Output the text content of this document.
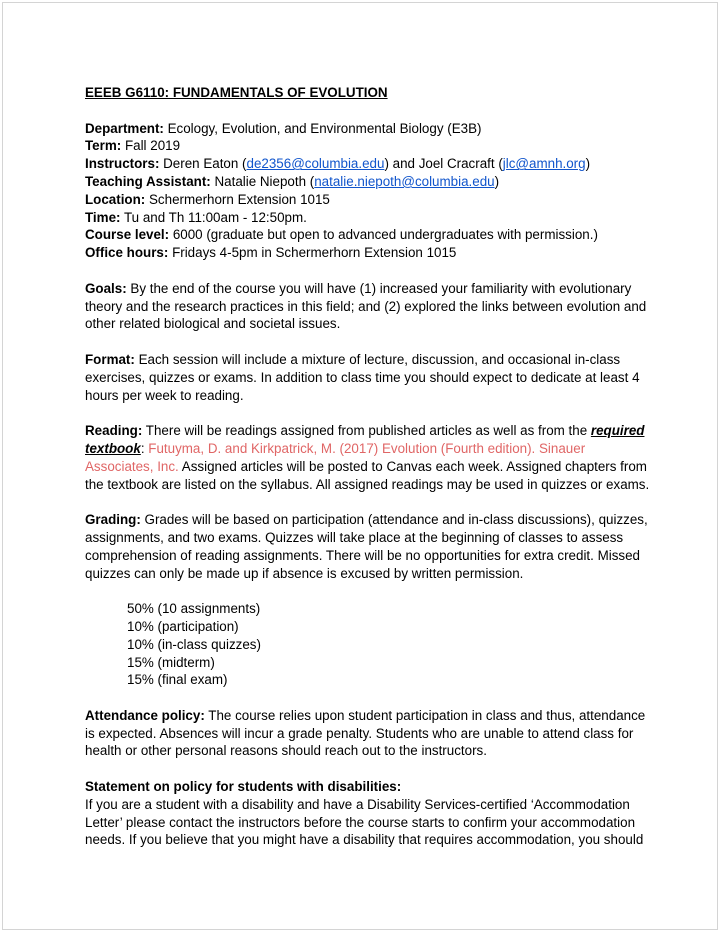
EEEB G6110: FUNDAMENTALS OF EVOLUTION
Department: Ecology, Evolution, and Environmental Biology (E3B)
Term: Fall 2019
Instructors: Deren Eaton (de2356@columbia.edu) and Joel Cracraft (jlc@amnh.org)
Teaching Assistant: Natalie Niepoth (natalie.niepoth@columbia.edu)
Location: Schermerhorn Extension 1015
Time: Tu and Th 11:00am - 12:50pm.
Course level: 6000 (graduate but open to advanced undergraduates with permission.)
Office hours: Fridays 4-5pm in Schermerhorn Extension 1015
Goals: By the end of the course you will have (1) increased your familiarity with evolutionary
theory and the research practices in this field; and (2) explored the links between evolution and
other related biological and societal issues.
Format: Each session will include a mixture of lecture, discussion, and occasional in-class
exercises, quizzes or exams. In addition to class time you should expect to dedicate at least 4
hours per week to reading.
Reading: There will be readings assigned from published articles as well as from the required
textbook: Futuyma, D. and Kirkpatrick, M. (2017) Evolution (Fourth edition). Sinauer
Associates, Inc. Assigned articles will be posted to Canvas each week. Assigned chapters from
the textbook are listed on the syllabus. All assigned readings may be used in quizzes or exams.
Grading: Grades will be based on participation (attendance and in-class discussions), quizzes,
assignments, and two exams. Quizzes will take place at the beginning of classes to assess
comprehension of reading assignments. There will be no opportunities for extra credit. Missed
quizzes can only be made up if absence is excused by written permission.
50% (10 assignments)
10% (participation)
10% (in-class quizzes)
15% (midterm)
15% (final exam)
Attendance policy: The course relies upon student participation in class and thus, attendance
is expected. Absences will incur a grade penalty. Students who are unable to attend class for
health or other personal reasons should reach out to the instructors.
Statement on policy for students with disabilities:
If you are a student with a disability and have a Disability Services-certified ‘Accommodation
Letter’ please contact the instructors before the course starts to confirm your accommodation
needs. If you believe that you might have a disability that requires accommodation, you should
